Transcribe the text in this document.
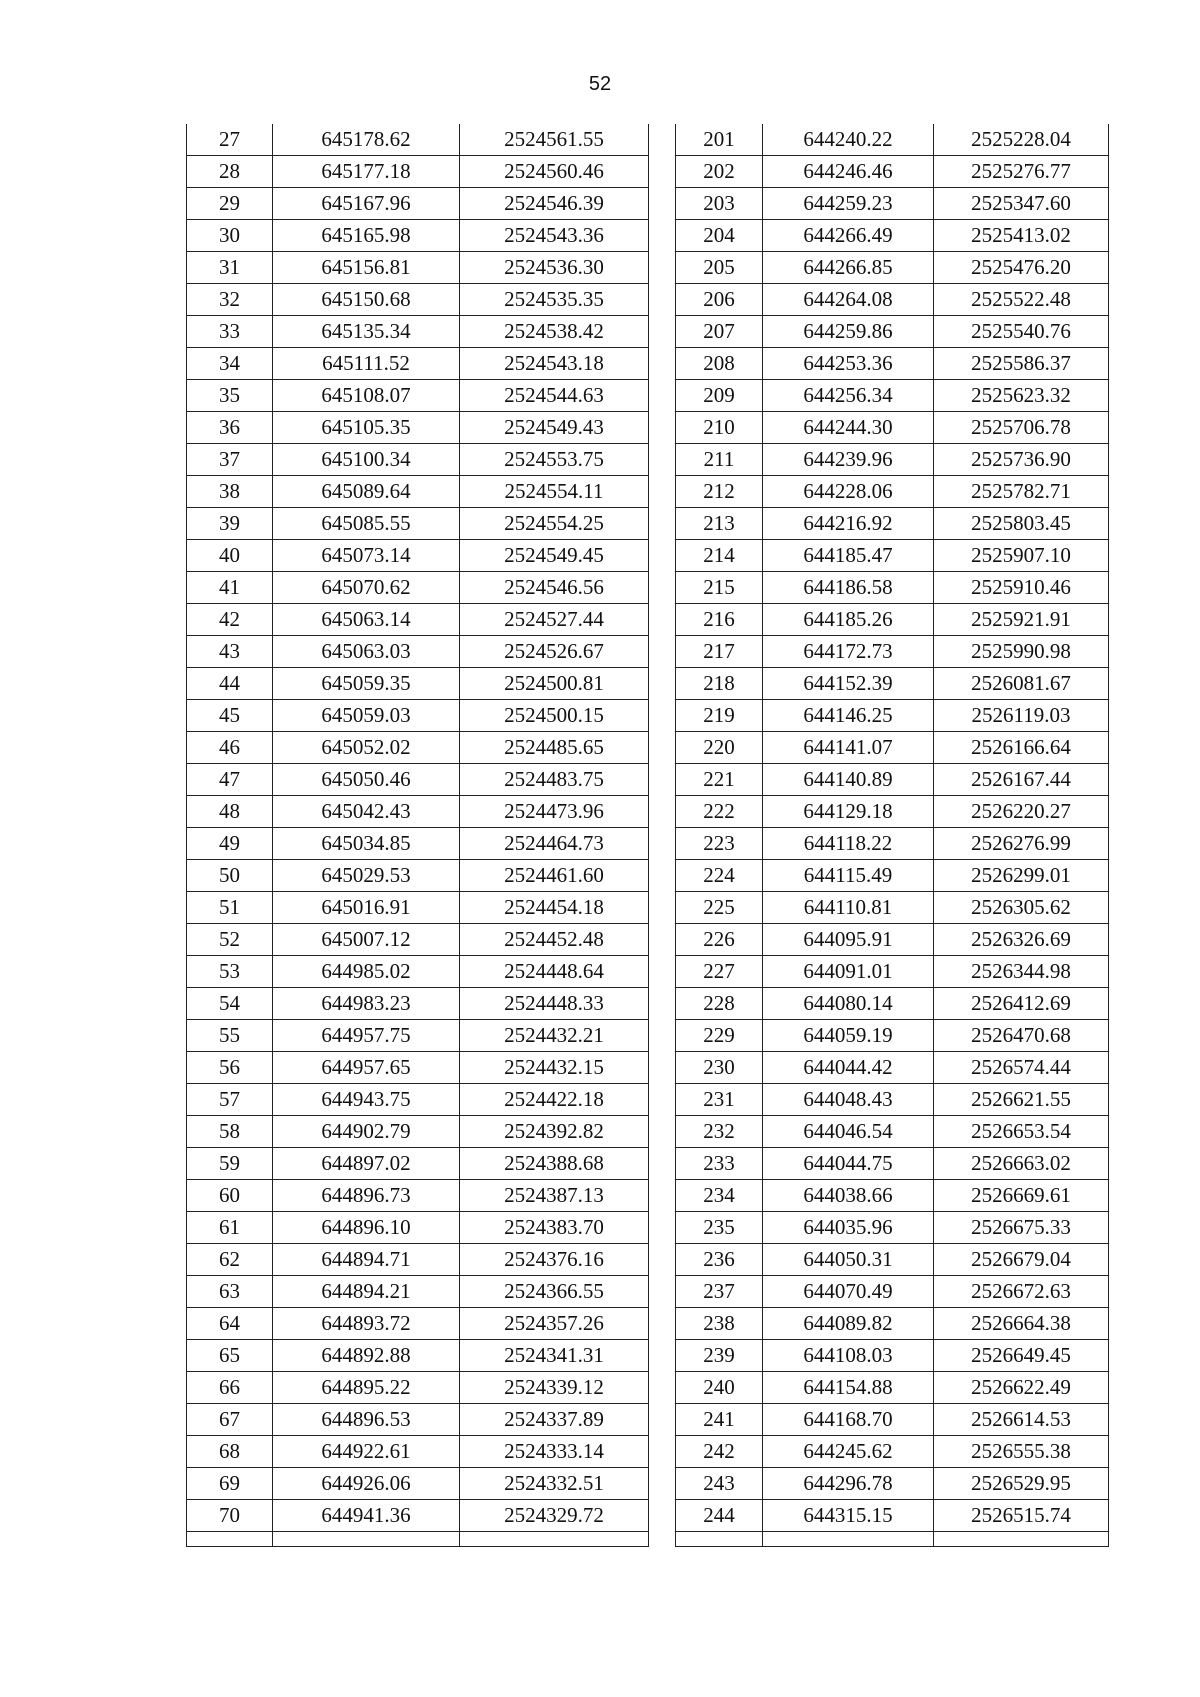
52
27	645178.62	2524561.55
28	645177.18	2524560.46
29	645167.96	2524546.39
30	645165.98	2524543.36
31	645156.81	2524536.30
32	645150.68	2524535.35
33	645135.34	2524538.42
34	645111.52	2524543.18
35	645108.07	2524544.63
36	645105.35	2524549.43
37	645100.34	2524553.75
38	645089.64	2524554.11
39	645085.55	2524554.25
40	645073.14	2524549.45
41	645070.62	2524546.56
42	645063.14	2524527.44
43	645063.03	2524526.67
44	645059.35	2524500.81
45	645059.03	2524500.15
46	645052.02	2524485.65
47	645050.46	2524483.75
48	645042.43	2524473.96
49	645034.85	2524464.73
50	645029.53	2524461.60
51	645016.91	2524454.18
52	645007.12	2524452.48
53	644985.02	2524448.64
54	644983.23	2524448.33
55	644957.75	2524432.21
56	644957.65	2524432.15
57	644943.75	2524422.18
58	644902.79	2524392.82
59	644897.02	2524388.68
60	644896.73	2524387.13
61	644896.10	2524383.70
62	644894.71	2524376.16
63	644894.21	2524366.55
64	644893.72	2524357.26
65	644892.88	2524341.31
66	644895.22	2524339.12
67	644896.53	2524337.89
68	644922.61	2524333.14
69	644926.06	2524332.51
70	644941.36	2524329.72

201	644240.22	2525228.04
202	644246.46	2525276.77
203	644259.23	2525347.60
204	644266.49	2525413.02
205	644266.85	2525476.20
206	644264.08	2525522.48
207	644259.86	2525540.76
208	644253.36	2525586.37
209	644256.34	2525623.32
210	644244.30	2525706.78
211	644239.96	2525736.90
212	644228.06	2525782.71
213	644216.92	2525803.45
214	644185.47	2525907.10
215	644186.58	2525910.46
216	644185.26	2525921.91
217	644172.73	2525990.98
218	644152.39	2526081.67
219	644146.25	2526119.03
220	644141.07	2526166.64
221	644140.89	2526167.44
222	644129.18	2526220.27
223	644118.22	2526276.99
224	644115.49	2526299.01
225	644110.81	2526305.62
226	644095.91	2526326.69
227	644091.01	2526344.98
228	644080.14	2526412.69
229	644059.19	2526470.68
230	644044.42	2526574.44
231	644048.43	2526621.55
232	644046.54	2526653.54
233	644044.75	2526663.02
234	644038.66	2526669.61
235	644035.96	2526675.33
236	644050.31	2526679.04
237	644070.49	2526672.63
238	644089.82	2526664.38
239	644108.03	2526649.45
240	644154.88	2526622.49
241	644168.70	2526614.53
242	644245.62	2526555.38
243	644296.78	2526529.95
244	644315.15	2526515.74
